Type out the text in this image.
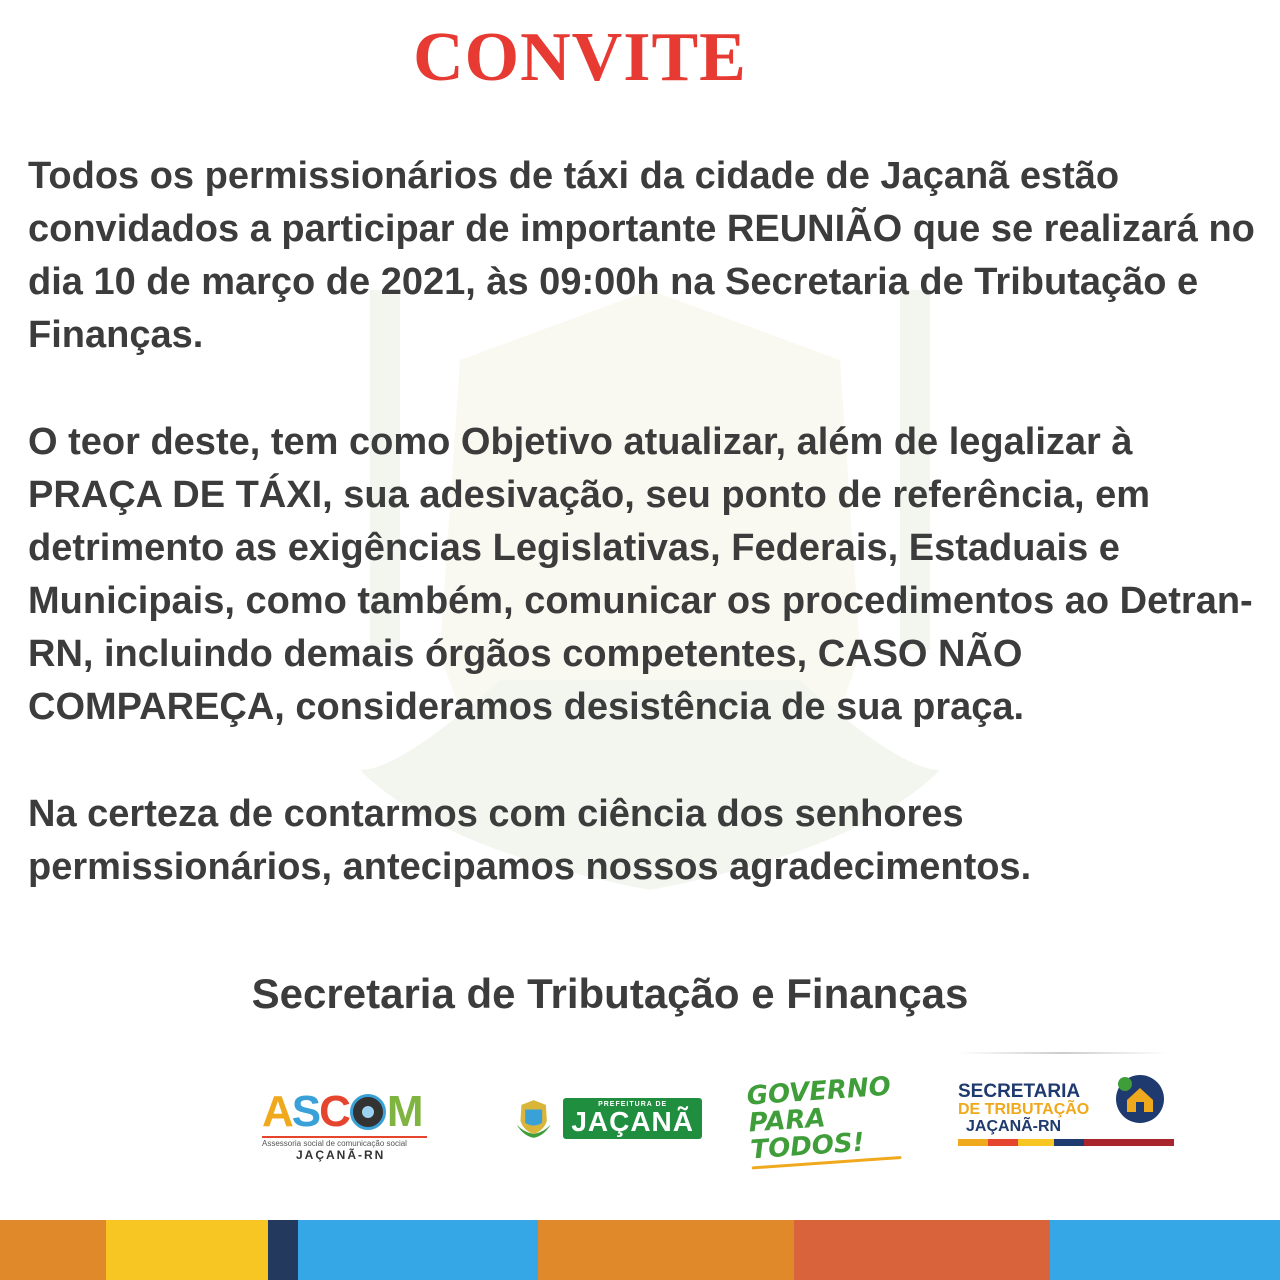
CONVITE

Todos os permissionários de táxi da cidade de Jaçanã estão convidados a participar de importante REUNIÃO que se realizará no dia 10 de março de 2021, às 09:00h na Secretaria de Tributação e Finanças.

O teor deste, tem como Objetivo atualizar, além de legalizar à PRAÇA DE TÁXI, sua adesivação, seu ponto de referência, em detrimento as exigências Legislativas, Federais, Estaduais e Municipais, como também, comunicar os procedimentos ao Detran-RN, incluindo demais órgãos competentes, CASO NÃO COMPAREÇA, consideramos desistência de sua praça.

Na certeza de contarmos com ciência dos senhores permissionários, antecipamos nossos agradecimentos.

Secretaria de Tributação e Finanças
A S C M
Assessoria social de comunicação social
JAÇANÃ-RN
PREFEITURA DE
JAÇANÃ
GOVERNO
PARA TODOS!
SECRETARIA
DE TRIBUTAÇÃO
JAÇANÃ-RN
